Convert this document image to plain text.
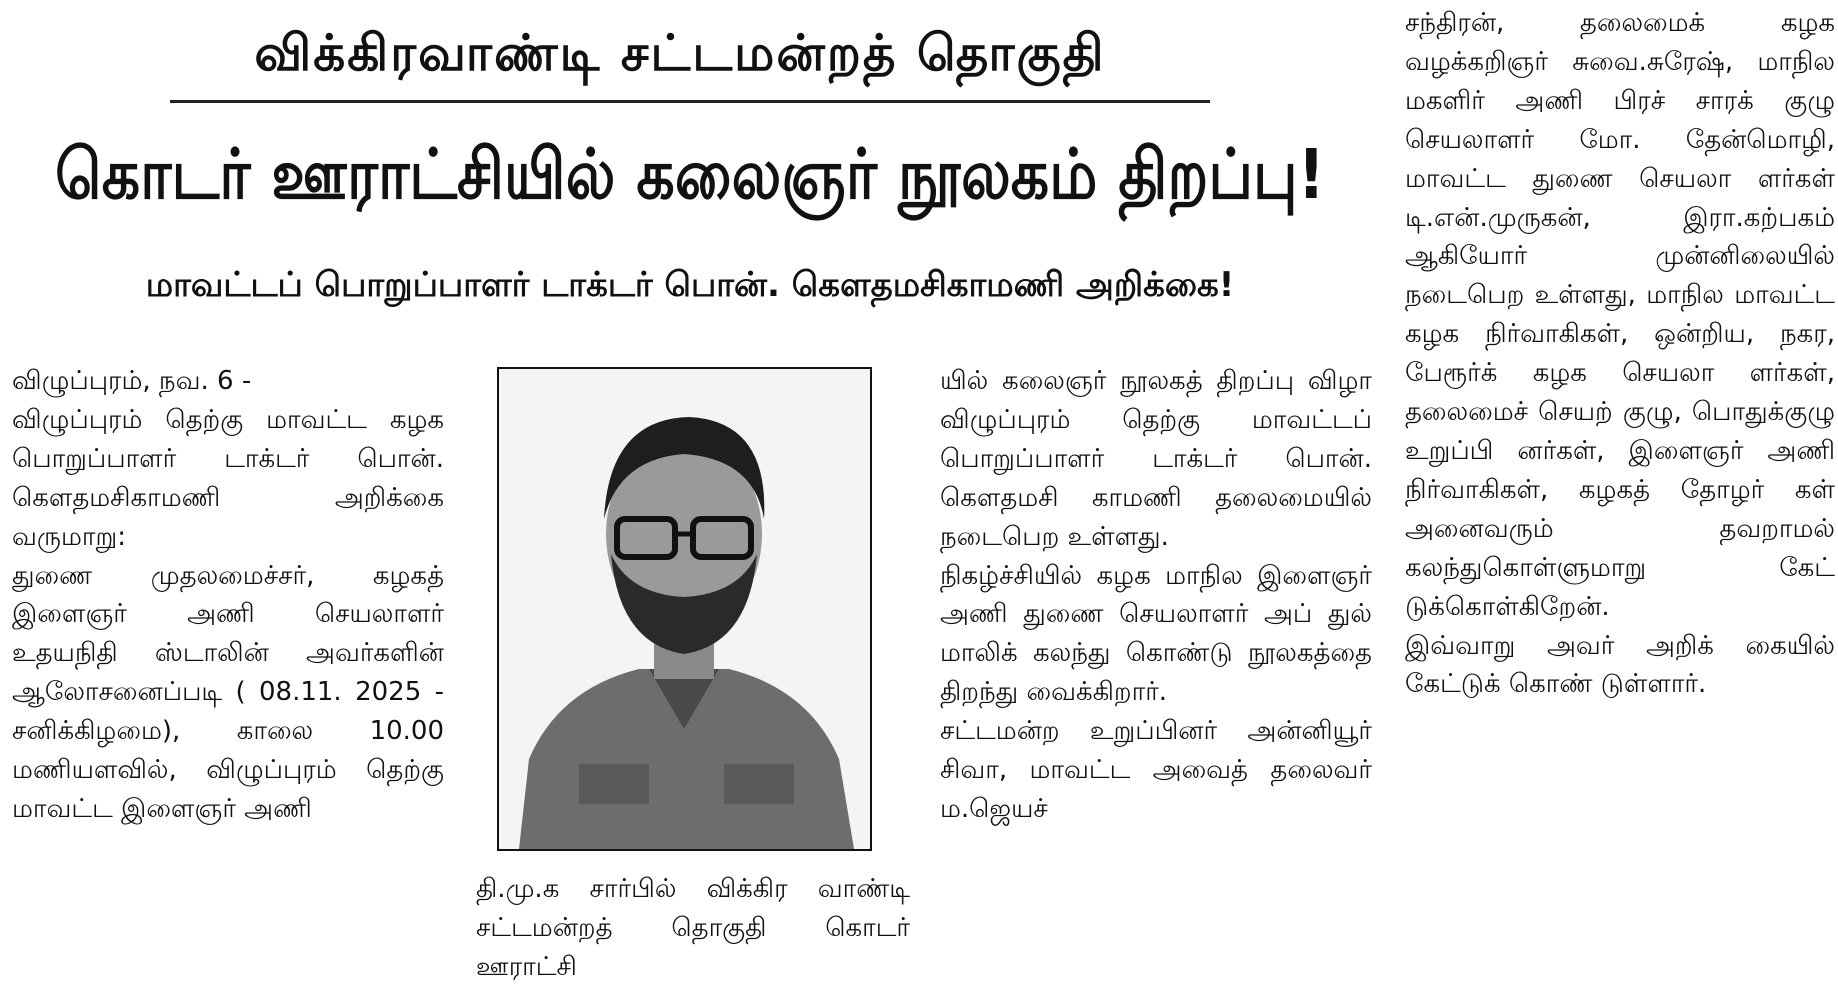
விக்கிரவாண்டி சட்டமன்றத் தொகுதி
கொடர் ஊராட்சியில் கலைஞர் நூலகம் திறப்பு!
மாவட்டப் பொறுப்பாளர் டாக்டர் பொன். கௌதமசிகாமணி அறிக்கை!
விழுப்புரம், நவ. 6 -
விழுப்புரம் தெற்கு மாவட்ட கழக பொறுப்பாளர் டாக்டர் பொன். கௌதமசிகாமணி அறிக்கை வருமாறு:
துணை முதலமைச்சர், கழகத் இளைஞர் அணி செயலாளர் உதயநிதி ஸ்டாலின் அவர்களின் ஆலோசனைப்படி ( 08.11. 2025 - சனிக்கிழமை), காலை 10.00 மணியளவில், விழுப்புரம் தெற்கு மாவட்ட இளைஞர் அணி
தி.மு.க சார்பில் விக்கிர வாண்டி சட்டமன்றத் தொகுதி கொடர் ஊராட்சி
யில் கலைஞர் நூலகத் திறப்பு விழா விழுப்புரம் தெற்கு மாவட்டப் பொறுப்பாளர் டாக்டர் பொன். கௌதமசி காமணி தலைமையில் நடைபெற உள்ளது.
நிகழ்ச்சியில் கழக மாநில இளைஞர் அணி துணை செயலாளர் அப் துல் மாலிக் கலந்து கொண்டு நூலகத்தை திறந்து வைக்கிறார்.
சட்டமன்ற உறுப்பினர் அன்னியூர் சிவா, மாவட்ட அவைத் தலைவர் ம.ஜெயச்
சந்திரன், தலைமைக் கழக வழக்கறிஞர் சுவை.சுரேஷ், மாநில மகளிர் அணி பிரச் சாரக் குழு செயலாளர் மோ. தேன்மொழி, மாவட்ட துணை செயலா ளர்கள் டி.என்.முருகன், இரா.கற்பகம் ஆகியோர் முன்னிலையில் நடைபெற உள்ளது, மாநில மாவட்ட கழக நிர்வாகிகள், ஒன்றிய, நகர, பேரூர்க் கழக செயலா ளர்கள், தலைமைச் செயற் குழு, பொதுக்குழு உறுப்பி னர்கள், இளைஞர் அணி நிர்வாகிகள், கழகத் தோழர் கள் அனைவரும் தவறாமல் கலந்துகொள்ளுமாறு கேட் டுக்கொள்கிறேன்.
இவ்வாறு அவர் அறிக் கையில் கேட்டுக் கொண் டுள்ளார்.
